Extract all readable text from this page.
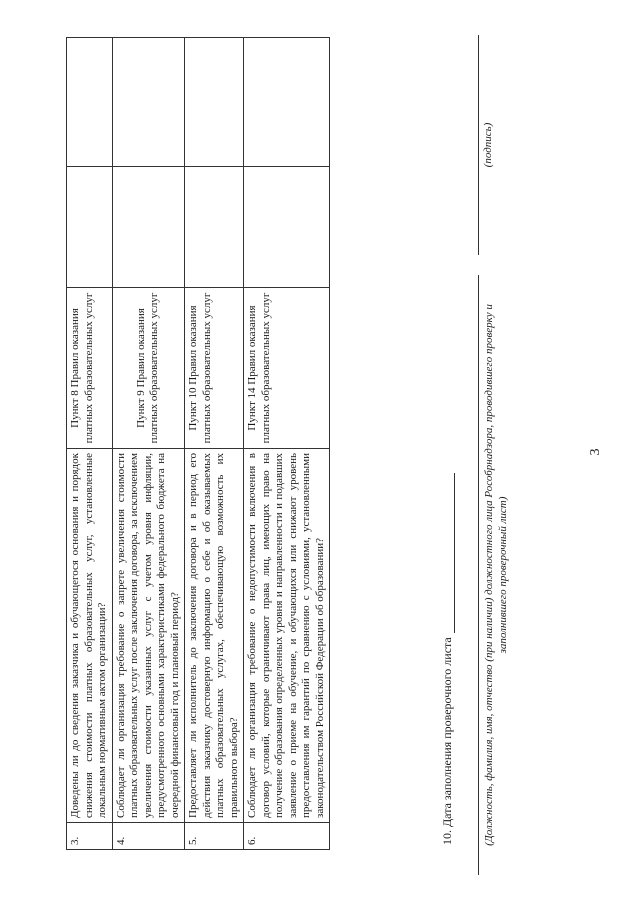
3
3.	Доведены ли до сведения заказчика и обучающегося основания и порядок снижения стоимости платных образовательных услуг, установленные локальным нормативным актом организации?	Пункт 8 Правил оказания платных образовательных услуг		
4.	Соблюдает ли организация требование о запрете увеличения стоимости платных образовательных услуг после заключения договора, за исключением увеличения стоимости указанных услуг с учетом уровня инфляции, предусмотренного основными характеристиками федерального бюджета на очередной финансовый год и плановый период?	Пункт 9 Правил оказания платных образовательных услуг		
5.	Предоставляет ли исполнитель до заключения договора и в период его действия заказчику достоверную информацию о себе и об оказываемых платных образовательных услугах, обеспечивающую возможность их правильного выбора?	Пункт 10 Правил оказания платных образовательных услуг		
6.	Соблюдает ли организация требование о недопустимости включения в договор условий, которые ограничивают права лиц, имеющих право на получение образования определенных уровня и направленности и подавших заявление о приеме на обучение, и обучающихся или снижают уровень предоставления им гарантий по сравнению с условиями, установленными законодательством Российской Федерации об образовании?	Пункт 14 Правил оказания платных образовательных услуг		
10. Дата заполнения проверочного листа	(Должность, фамилия, имя, отчество (при наличии) должностного лица Рособрнадзора, проводившего проверку и заполнившего проверочный лист)
(подпись)
